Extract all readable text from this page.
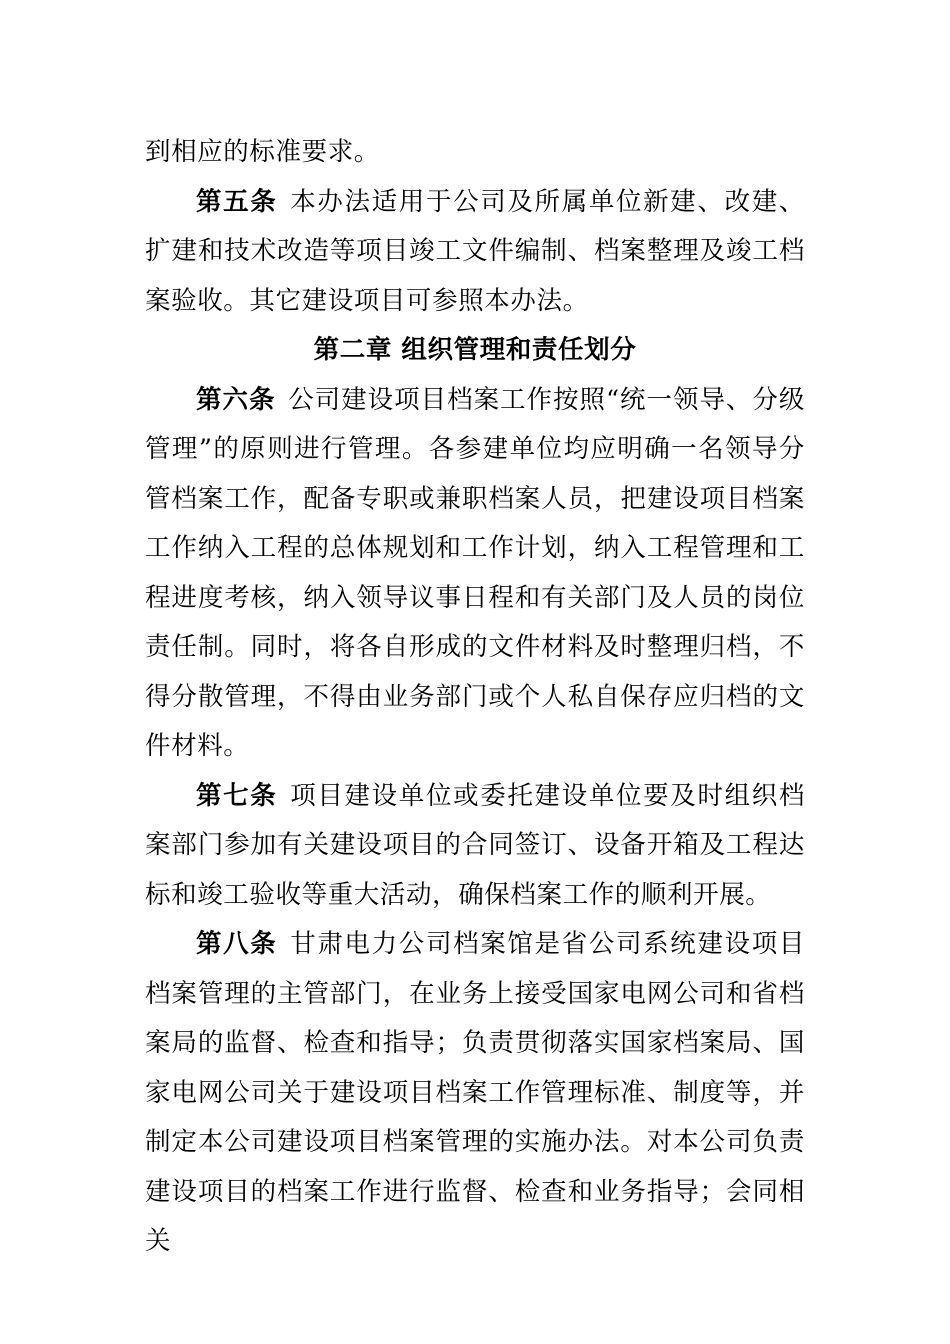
到相应的标准要求。

第五条 本办法适用于公司及所属单位新建、改建、扩建和技术改造等项目竣工文件编制、档案整理及竣工档案验收。其它建设项目可参照本办法。

第二章 组织管理和责任划分

第六条 公司建设项目档案工作按照“统一领导、分级管理”的原则进行管理。各参建单位均应明确一名领导分管档案工作，配备专职或兼职档案人员，把建设项目档案工作纳入工程的总体规划和工作计划，纳入工程管理和工程进度考核，纳入领导议事日程和有关部门及人员的岗位责任制。同时，将各自形成的文件材料及时整理归档，不得分散管理，不得由业务部门或个人私自保存应归档的文件材料。

第七条 项目建设单位或委托建设单位要及时组织档案部门参加有关建设项目的合同签订、设备开箱及工程达标和竣工验收等重大活动，确保档案工作的顺利开展。

第八条 甘肃电力公司档案馆是省公司系统建设项目档案管理的主管部门，在业务上接受国家电网公司和省档案局的监督、检查和指导；负责贯彻落实国家档案局、国家电网公司关于建设项目档案工作管理标准、制度等，并制定本公司建设项目档案管理的实施办法。对本公司负责建设项目的档案工作进行监督、检查和业务指导；会同相关
